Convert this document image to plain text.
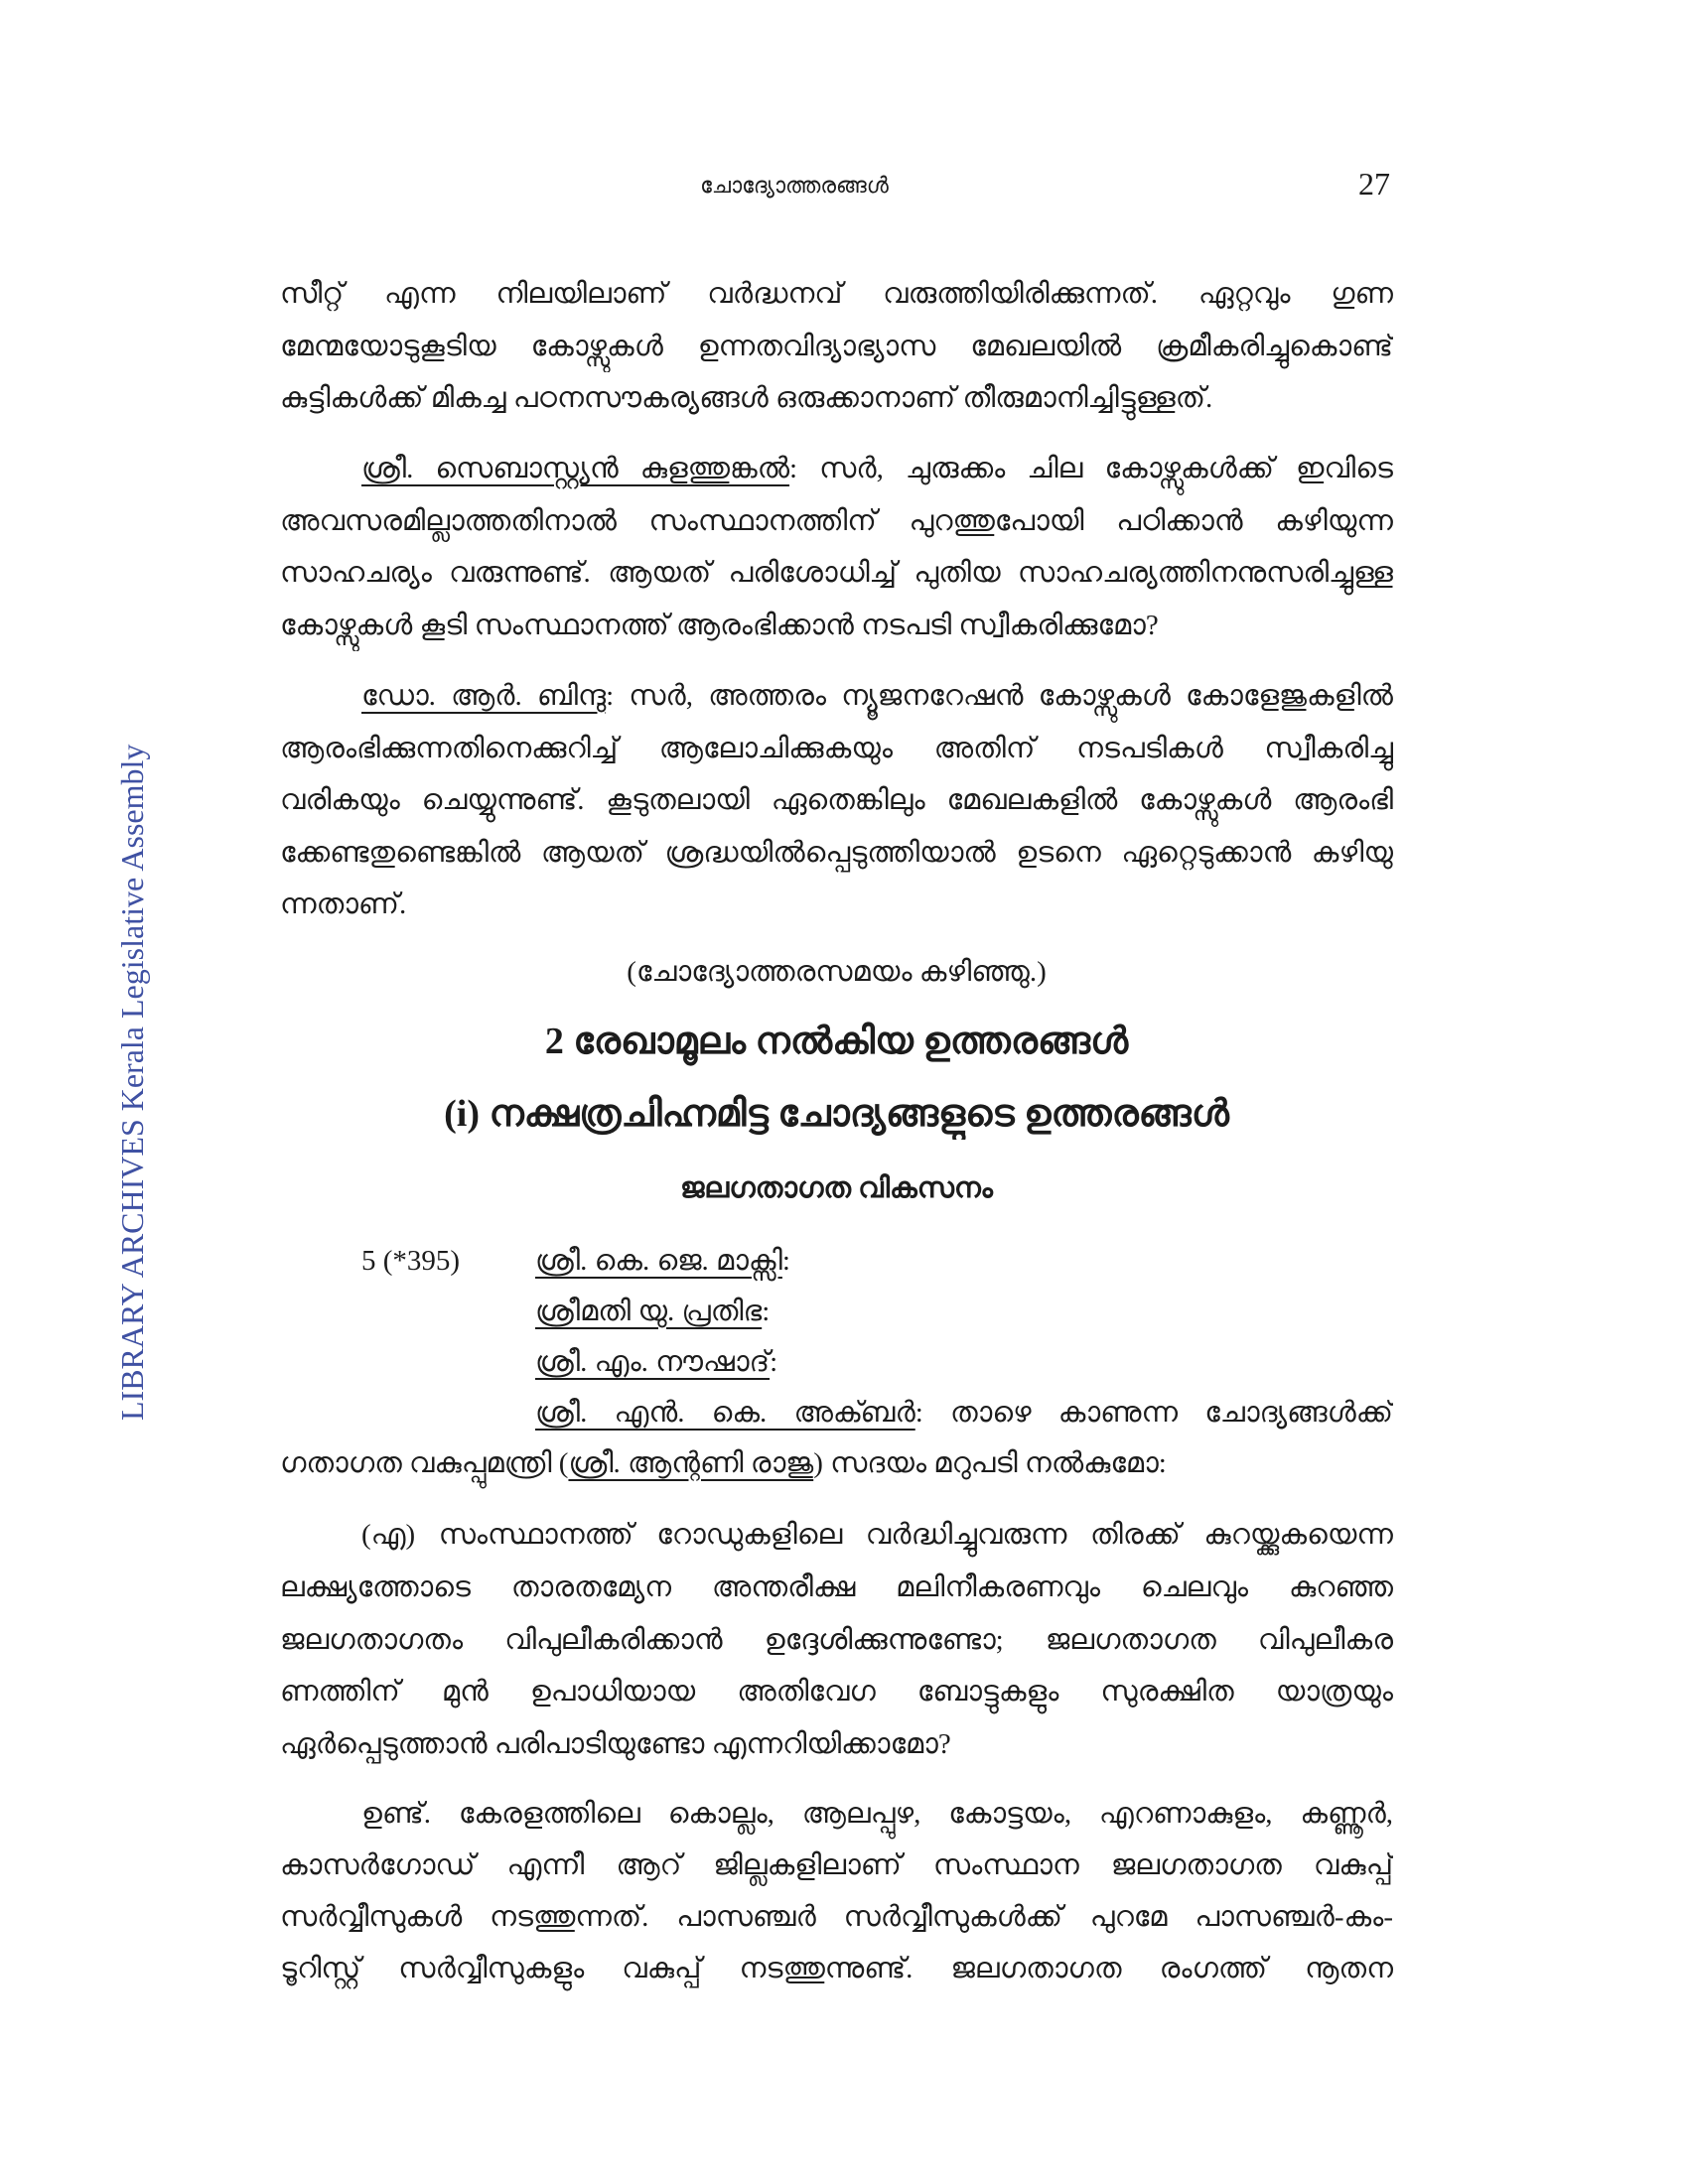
ചോദ്യോത്തരങ്ങൾ	27
LIBRARY ARCHIVES Kerala Legislative Assembly
സീറ്റ് എന്ന നിലയിലാണ് വർദ്ധനവ് വരുത്തിയിരിക്കുന്നത്. ഏറ്റവും ഗുണ
മേന്മയോടുകൂടിയ കോഴ്സുകൾ ഉന്നതവിദ്യാഭ്യാസ മേഖലയിൽ ക്രമീകരിച്ചുകൊണ്ട്
കുട്ടികൾക്ക് മികച്ച പഠനസൗകര്യങ്ങൾ ഒരുക്കാനാണ് തീരുമാനിച്ചിട്ടുള്ളത്.
ശ്രീ. സെബാസ്റ്റ്യൻ കുളത്തുങ്കൽ: സർ, ചുരുക്കം ചില കോഴ്സുകൾക്ക് ഇവിടെ
അവസരമില്ലാത്തതിനാൽ സംസ്ഥാനത്തിന് പുറത്തുപോയി പഠിക്കാൻ കഴിയുന്ന
സാഹചര്യം വരുന്നുണ്ട്. ആയത് പരിശോധിച്ച് പുതിയ സാഹചര്യത്തിനനുസരിച്ചുള്ള
കോഴ്സുകൾ കൂടി സംസ്ഥാനത്ത് ആരംഭിക്കാൻ നടപടി സ്വീകരിക്കുമോ?
ഡോ. ആർ. ബിന്ദു: സർ, അത്തരം ന്യൂജനറേഷൻ കോഴ്സുകൾ കോളേജുകളിൽ
ആരംഭിക്കുന്നതിനെക്കുറിച്ച് ആലോചിക്കുകയും അതിന് നടപടികൾ സ്വീകരിച്ചു
വരികയും ചെയ്യുന്നുണ്ട്. കൂടുതലായി ഏതെങ്കിലും മേഖലകളിൽ കോഴ്സുകൾ ആരംഭി
ക്കേണ്ടതുണ്ടെങ്കിൽ ആയത് ശ്രദ്ധയിൽപ്പെടുത്തിയാൽ ഉടനെ ഏറ്റെടുക്കാൻ കഴിയു
ന്നതാണ്.
(ചോദ്യോത്തരസമയം കഴിഞ്ഞു.)
2 രേഖാമൂലം നൽകിയ ഉത്തരങ്ങൾ
(i) നക്ഷത്രചിഹ്നമിട്ട ചോദ്യങ്ങളുടെ ഉത്തരങ്ങൾ
ജലഗതാഗത വികസനം
5 (*395)	ശ്രീ. കെ. ജെ. മാക്സി:
ശ്രീമതി യു. പ്രതിഭ:
ശ്രീ. എം. നൗഷാദ്:
ശ്രീ. എൻ. കെ. അക്ബർ: താഴെ കാണുന്ന ചോദ്യങ്ങൾക്ക്
ഗതാഗത വകുപ്പുമന്ത്രി (ശ്രീ. ആന്റണി രാജു) സദയം മറുപടി നൽകുമോ:
(എ) സംസ്ഥാനത്ത് റോഡുകളിലെ വർദ്ധിച്ചുവരുന്ന തിരക്ക് കുറയ്ക്കുകയെന്ന
ലക്ഷ്യത്തോടെ താരതമ്യേന അന്തരീക്ഷ മലിനീകരണവും ചെലവും കുറഞ്ഞ
ജലഗതാഗതം വിപുലീകരിക്കാൻ ഉദ്ദേശിക്കുന്നുണ്ടോ; ജലഗതാഗത വിപുലീകര
ണത്തിന് മുൻ ഉപാധിയായ അതിവേഗ ബോട്ടുകളും സുരക്ഷിത യാത്രയും
ഏർപ്പെടുത്താൻ പരിപാടിയുണ്ടോ എന്നറിയിക്കാമോ?
ഉണ്ട്. കേരളത്തിലെ കൊല്ലം, ആലപ്പുഴ, കോട്ടയം, എറണാകുളം, കണ്ണൂർ,
കാസർഗോഡ് എന്നീ ആറ് ജില്ലകളിലാണ് സംസ്ഥാന ജലഗതാഗത വകുപ്പ്
സർവ്വീസുകൾ നടത്തുന്നത്. പാസഞ്ചർ സർവ്വീസുകൾക്ക് പുറമേ പാസഞ്ചർ-കം-
ടൂറിസ്റ്റ് സർവ്വീസുകളും വകുപ്പ് നടത്തുന്നുണ്ട്. ജലഗതാഗത രംഗത്ത് നൂതന
